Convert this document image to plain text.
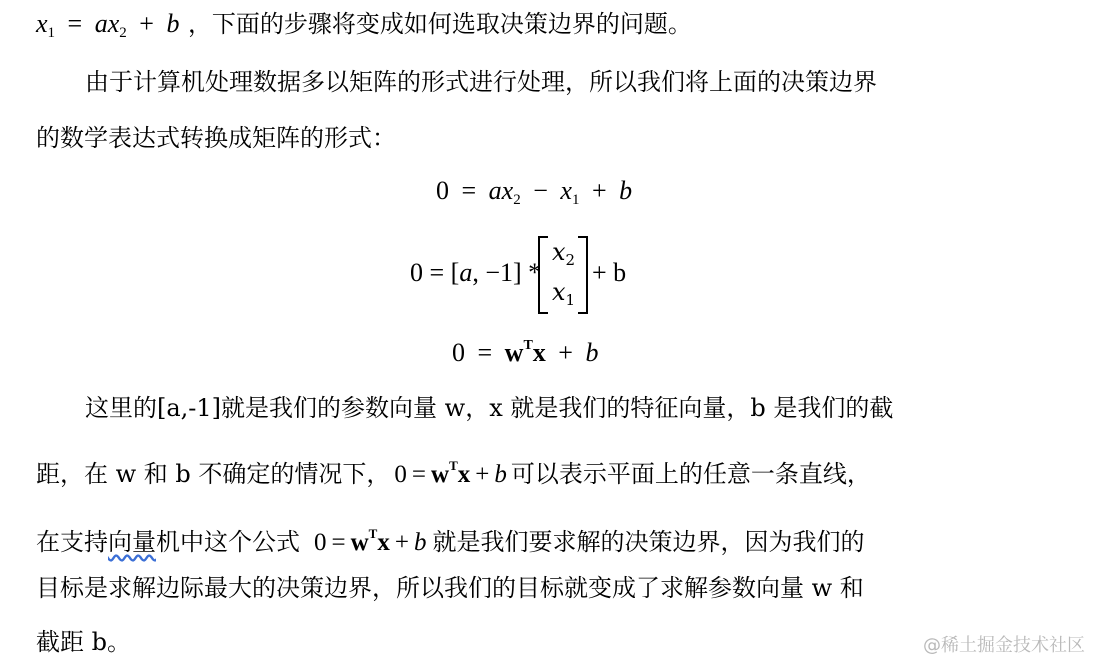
$x_1 = ax_2 + b$ ，下面的步骤将变成如何选取决策边界的问题。
由于计算机处理数据多以矩阵的形式进行处理，所以我们将上面的决策边界
的数学表达式转换成矩阵的形式：
$0 = ax_2 - x_1 + b$
0 = [a, −1] *
$x_2$
$x_1$
+ b
$0 = w^Tx + b$
这里的[a,-1]就是我们的参数向量 w，x 就是我们的特征向量，b 是我们的截
距，在 w 和 b 不确定的情况下， $0 = w^Tx + b$ 可以表示平面上的任意一条直线，
在支持向量机中这个公式 $0 = w^Tx + b$ 就是我们要求解的决策边界，因为我们的
目标是求解边际最大的决策边界，所以我们的目标就变成了求解参数向量 w 和
截距 b。	@稀土掘金技术社区
